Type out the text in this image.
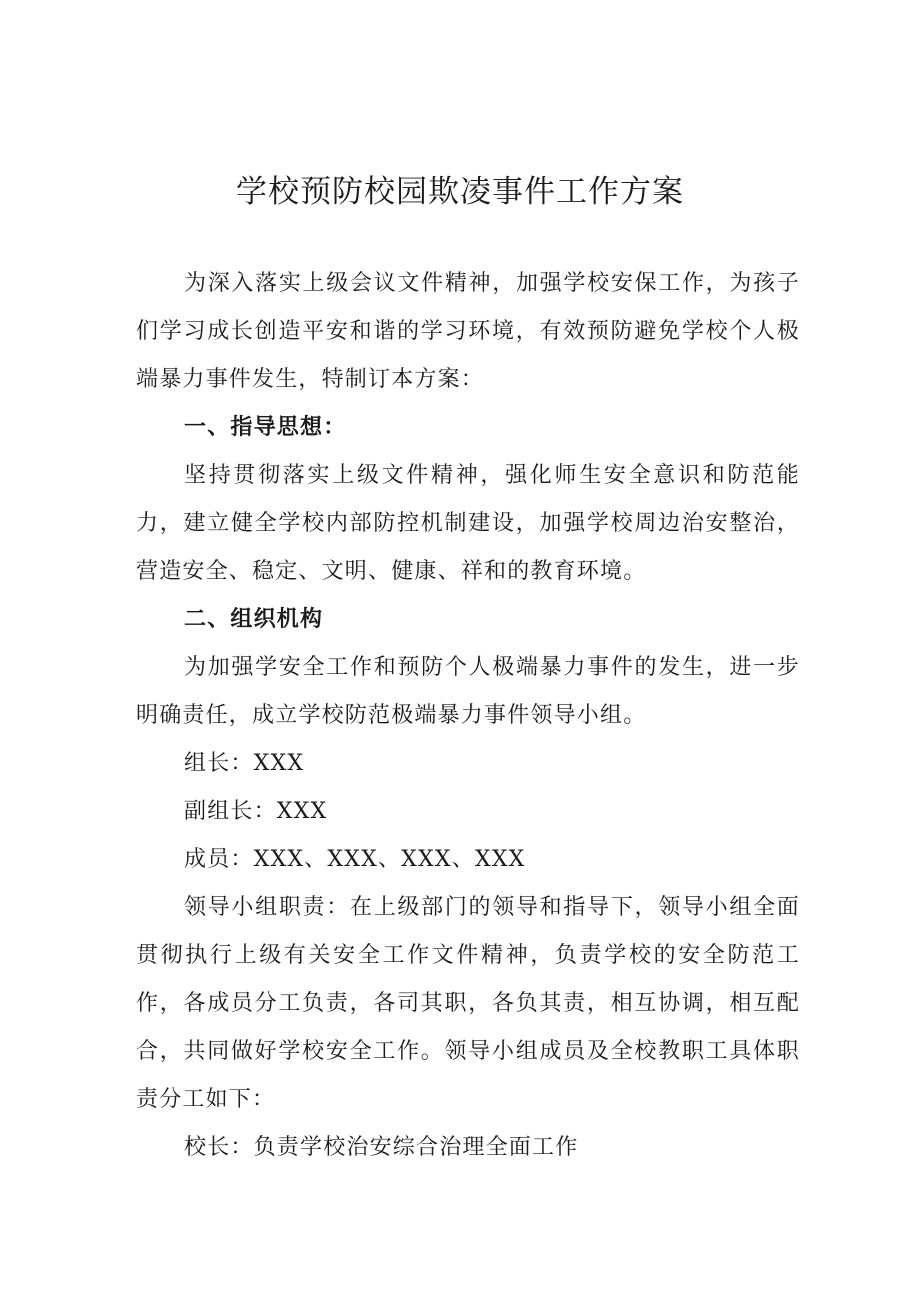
学校预防校园欺凌事件工作方案

为深入落实上级会议文件精神，加强学校安保工作，为孩子们学习成长创造平安和谐的学习环境，有效预防避免学校个人极端暴力事件发生，特制订本方案：

一、指导思想：

坚持贯彻落实上级文件精神，强化师生安全意识和防范能力，建立健全学校内部防控机制建设，加强学校周边治安整治，营造安全、稳定、文明、健康、祥和的教育环境。

二、组织机构

为加强学安全工作和预防个人极端暴力事件的发生，进一步明确责任，成立学校防范极端暴力事件领导小组。

组长：XXX

副组长：XXX

成员：XXX、XXX、XXX、XXX

领导小组职责：在上级部门的领导和指导下，领导小组全面贯彻执行上级有关安全工作文件精神，负责学校的安全防范工作，各成员分工负责，各司其职，各负其责，相互协调，相互配合，共同做好学校安全工作。领导小组成员及全校教职工具体职责分工如下：

校长：负责学校治安综合治理全面工作
